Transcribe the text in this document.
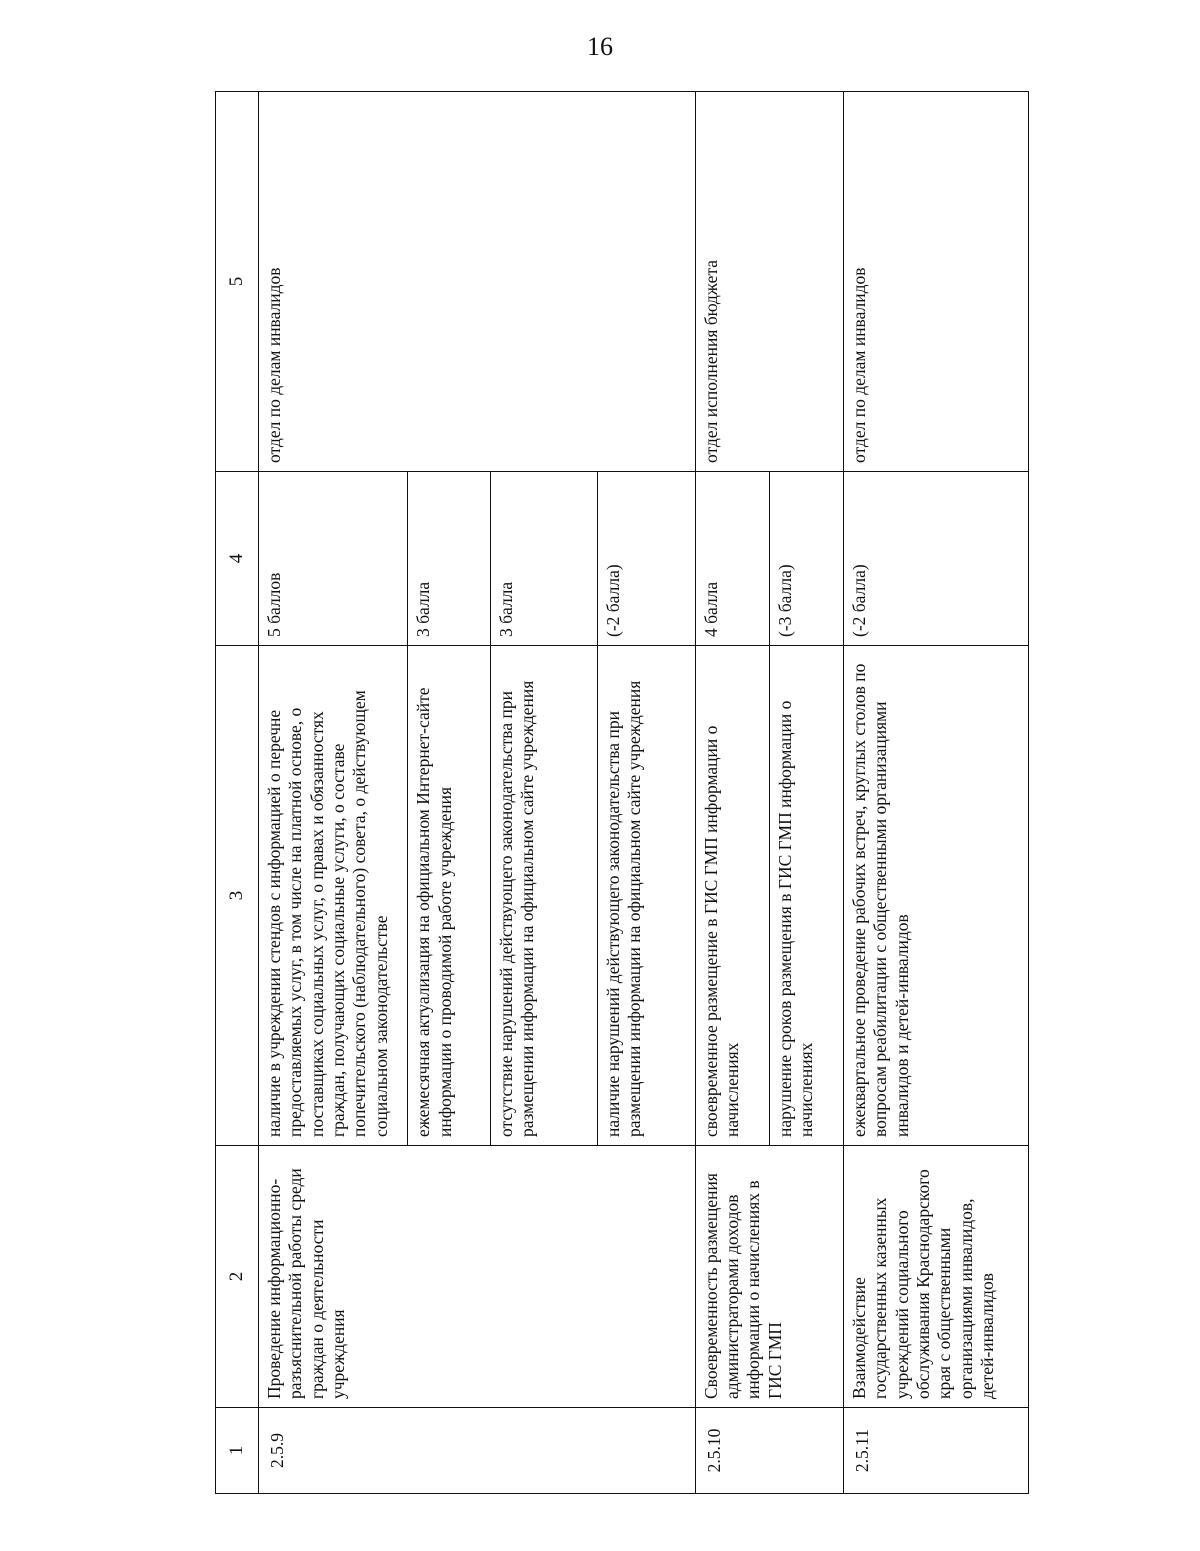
16
1	2	3	4	5
2.5.9	Проведение информационно-разъяснительной работы среди граждан о деятельности учреждения	наличие в учреждении стендов с информацией о перечне предоставляемых услуг, в том числе на платной основе, о поставщиках социальных услуг, о правах и обязанностях граждан, получающих социальные услуги, о составе попечительского (наблюдательного) совета, о действующем социальном законодательстве	5 баллов	отдел по делам инвалидов
		ежемесячная актуализация на официальном Интернет-сайте информации о проводимой работе учреждения	3 балла	
		отсутствие нарушений действующего законодательства при размещении информации на официальном сайте учреждения	3 балла	
		наличие нарушений действующего законодательства при размещении информации на официальном сайте учреждения	(-2 балла)	
2.5.10	Своевременность размещения администраторами доходов информации о начислениях в ГИС ГМП	своевременное размещение в ГИС ГМП информации о начислениях	4 балла	отдел исполнения бюджета
		нарушение сроков размещения в ГИС ГМП информации о начислениях	(-3 балла)	
2.5.11	Взаимодействие государственных казенных учреждений социального обслуживания Краснодарского края с общественными организациями инвалидов, детей-инвалидов	ежеквартальное проведение рабочих встреч, круглых столов по вопросам реабилитации с общественными организациями инвалидов и детей-инвалидов	(-2 балла)	отдел по делам инвалидов
